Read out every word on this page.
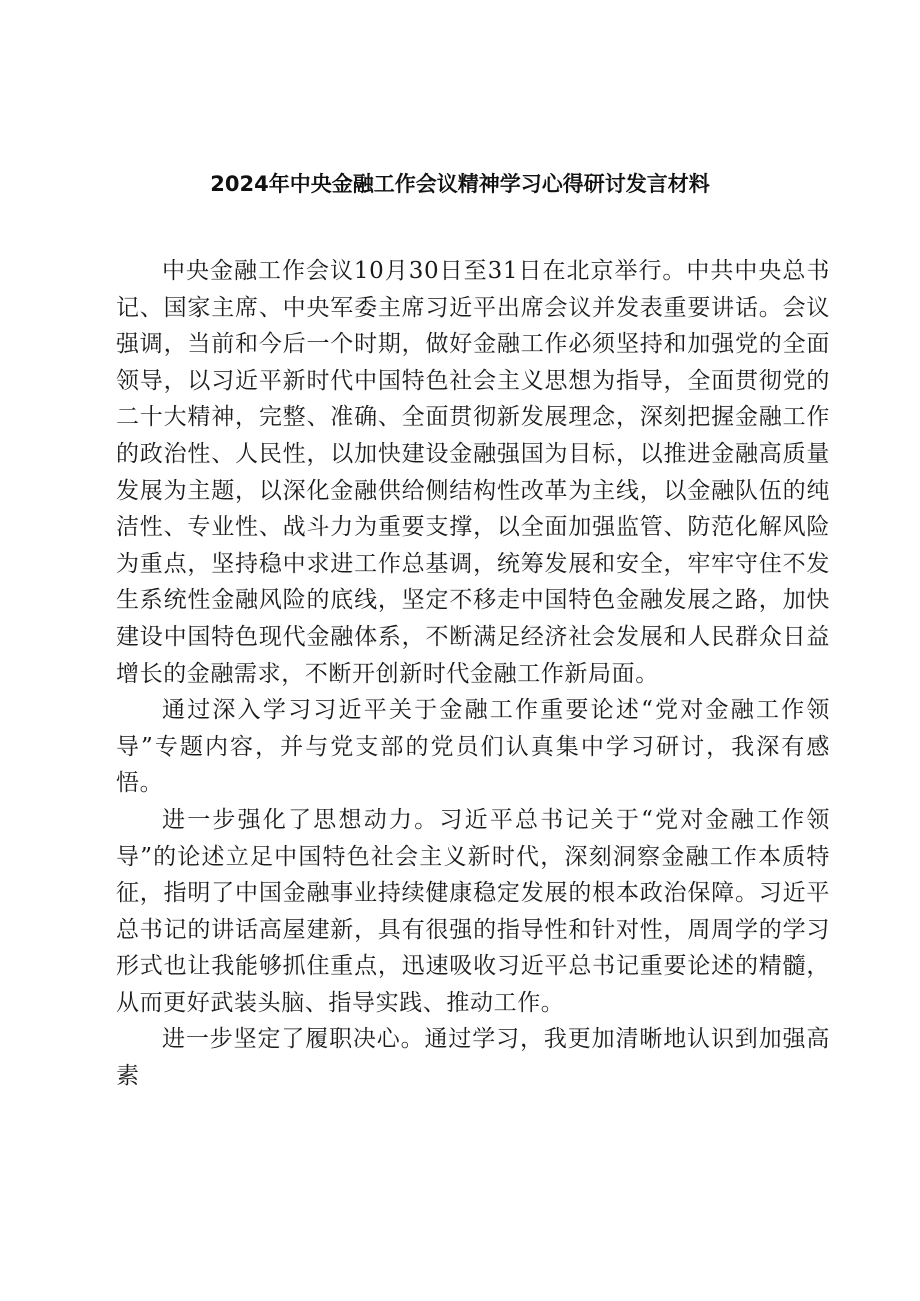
2024年中央金融工作会议精神学习心得研讨发言材料

中央金融工作会议10月30日至31日在北京举行。中共中央总书记、国家主席、中央军委主席习近平出席会议并发表重要讲话。会议强调，当前和今后一个时期，做好金融工作必须坚持和加强党的全面领导，以习近平新时代中国特色社会主义思想为指导，全面贯彻党的二十大精神，完整、准确、全面贯彻新发展理念，深刻把握金融工作的政治性、人民性，以加快建设金融强国为目标，以推进金融高质量发展为主题，以深化金融供给侧结构性改革为主线，以金融队伍的纯洁性、专业性、战斗力为重要支撑，以全面加强监管、防范化解风险为重点，坚持稳中求进工作总基调，统筹发展和安全，牢牢守住不发生系统性金融风险的底线，坚定不移走中国特色金融发展之路，加快建设中国特色现代金融体系，不断满足经济社会发展和人民群众日益增长的金融需求，不断开创新时代金融工作新局面。

通过深入学习习近平关于金融工作重要论述“党对金融工作领导”专题内容，并与党支部的党员们认真集中学习研讨，我深有感悟。

进一步强化了思想动力。习近平总书记关于“党对金融工作领导”的论述立足中国特色社会主义新时代，深刻洞察金融工作本质特征，指明了中国金融事业持续健康稳定发展的根本政治保障。习近平总书记的讲话高屋建新，具有很强的指导性和针对性，周周学的学习形式也让我能够抓住重点，迅速吸收习近平总书记重要论述的精髓，从而更好武装头脑、指导实践、推动工作。

进一步坚定了履职决心。通过学习，我更加清晰地认识到加强高素
